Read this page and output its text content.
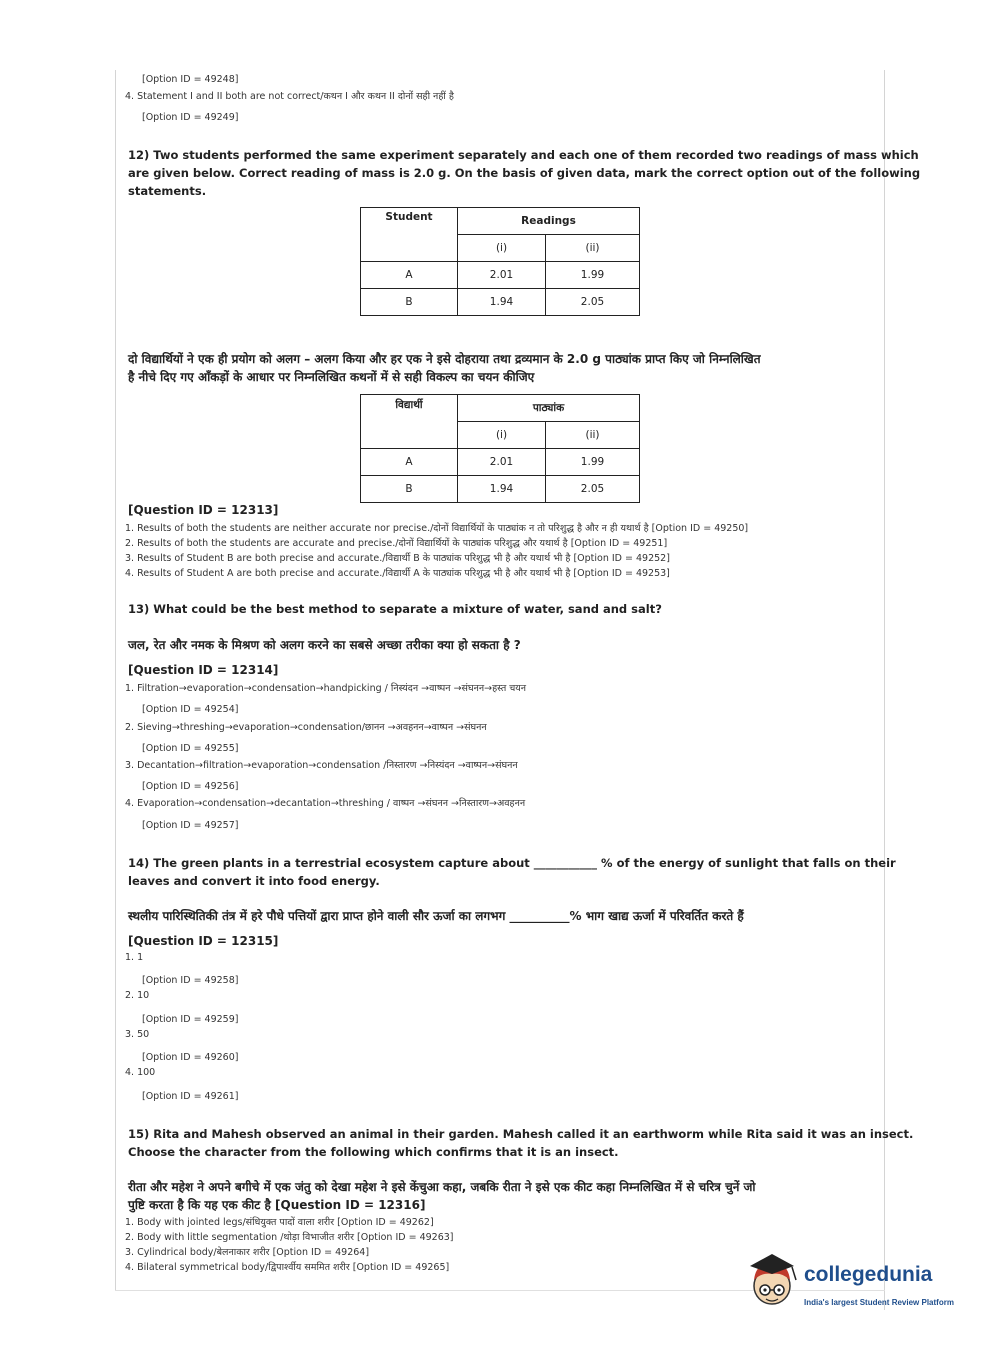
[Option ID = 49248]
4. Statement I and II both are not correct/कथन I और कथन II दोनों सही नहीं है
[Option ID = 49249]
12) Two students performed the same experiment separately and each one of them recorded two readings of mass which
are given below. Correct reading of mass is 2.0 g. On the basis of given data, mark the correct option out of the following
statements.
Student	Readings	
	(i)	(ii)
A	2.01	1.99
B	1.94	2.05
दो विद्यार्थियों ने एक ही प्रयोग को अलग – अलग किया और हर एक ने इसे दोहराया तथा द्रव्यमान के 2.0 g पाठ्यांक प्राप्त किए जो निम्नलिखित
है नीचे दिए गए आँकड़ों के आधार पर निम्नलिखित कथनों में से सही विकल्प का चयन कीजिए
विद्यार्थी	पाठ्यांक	
	(i)	(ii)
A	2.01	1.99
B	1.94	2.05
[Question ID = 12313]
1. Results of both the students are neither accurate nor precise./दोनों विद्यार्थियों के पाठ्यांक न तो परिशुद्ध है और न ही यथार्थ है [Option ID = 49250]
2. Results of both the students are accurate and precise./दोनों विद्यार्थियों के पाठ्यांक परिशुद्ध और यथार्थ है [Option ID = 49251]
3. Results of Student B are both precise and accurate./विद्यार्थी B के पाठ्यांक परिशुद्ध भी है और यथार्थ भी है [Option ID = 49252]
4. Results of Student A are both precise and accurate./विद्यार्थी A के पाठ्यांक परिशुद्ध भी है और यथार्थ भी है [Option ID = 49253]
13) What could be the best method to separate a mixture of water, sand and salt?
जल, रेत और नमक के मिश्रण को अलग करने का सबसे अच्छा तरीका क्या हो सकता है ?
[Question ID = 12314]
1. Filtration→evaporation→condensation→handpicking / निस्यंदन →वाष्पन →संघनन→हस्त चयन
[Option ID = 49254]
2. Sieving→threshing→evaporation→condensation/छानन →अवहनन→वाष्पन →संघनन
[Option ID = 49255]
3. Decantation→filtration→evaporation→condensation /निस्तारण →निस्यंदन →वाष्पन→संघनन
[Option ID = 49256]
4. Evaporation→condensation→decantation→threshing / वाष्पन →संघनन →निस्तारण→अवहनन
[Option ID = 49257]
14) The green plants in a terrestrial ecosystem capture about ___________ % of the energy of sunlight that falls on their
leaves and convert it into food energy.
स्थलीय पारिस्थितिकी तंत्र में हरे पौधे पत्तियों द्वारा प्राप्त होने वाली सौर ऊर्जा का लगभग __________% भाग खाद्य ऊर्जा में परिवर्तित करते हैं
[Question ID = 12315]
1. 1
[Option ID = 49258]
2. 10
[Option ID = 49259]
3. 50
[Option ID = 49260]
4. 100
[Option ID = 49261]
15) Rita and Mahesh observed an animal in their garden. Mahesh called it an earthworm while Rita said it was an insect.
Choose the character from the following which confirms that it is an insect.
रीता और महेश ने अपने बगीचे में एक जंतु को देखा महेश ने इसे केंचुआ कहा, जबकि रीता ने इसे एक कीट कहा निम्नलिखित में से चरित्र चुनें जो
पुष्टि करता है कि यह एक कीट है [Question ID = 12316]
1. Body with jointed legs/संधियुक्त पादों वाला शरीर [Option ID = 49262]
2. Body with little segmentation /थोड़ा विभाजीत शरीर [Option ID = 49263]
3. Cylindrical body/बेलनाकार शरीर [Option ID = 49264]
4. Bilateral symmetrical body/द्विपार्श्वीय सममित शरीर [Option ID = 49265]	collegedunia
India's largest Student Review Platform
